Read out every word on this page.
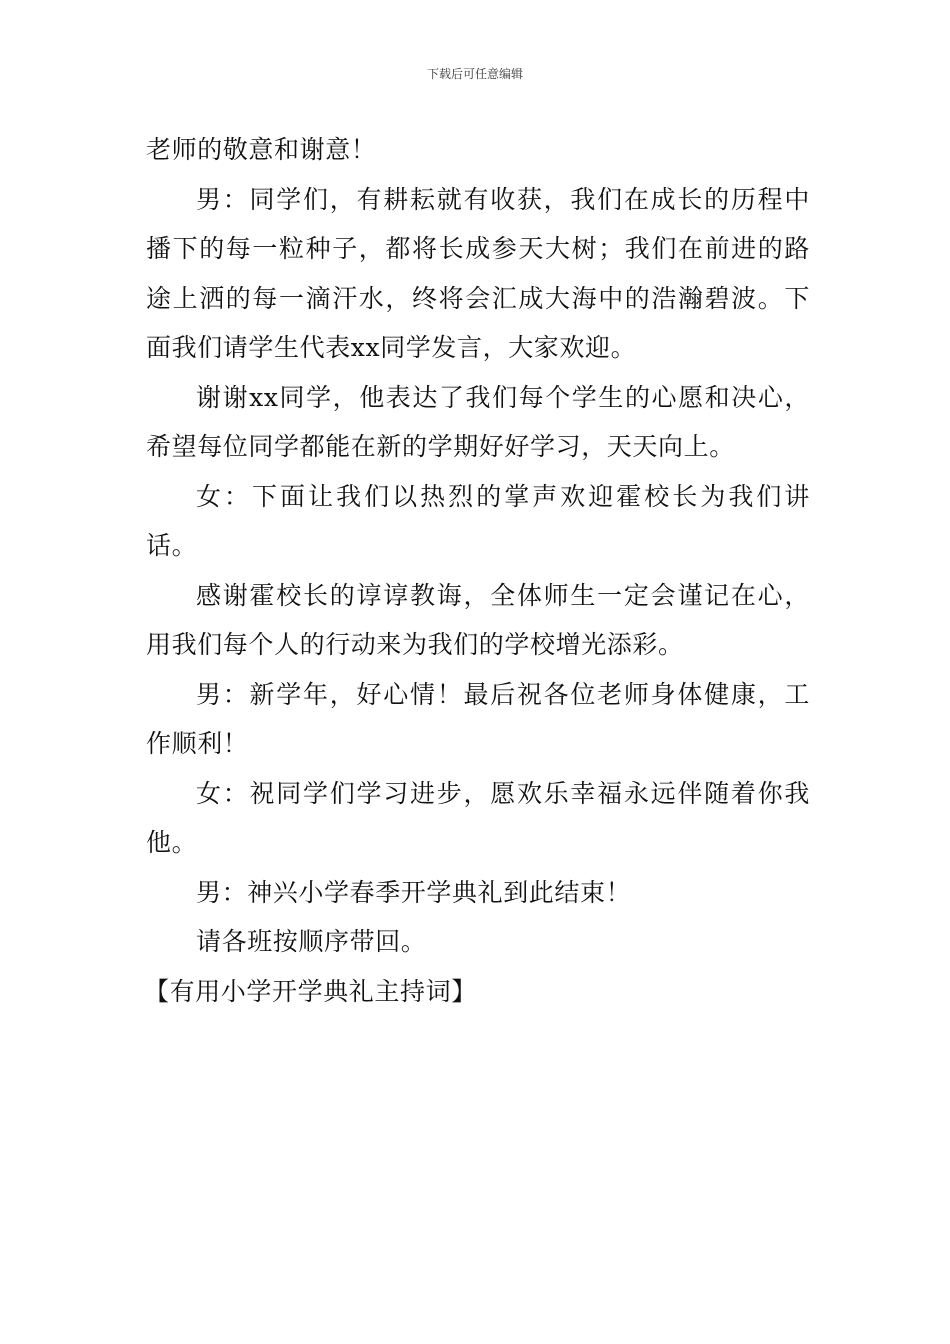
下载后可任意编辑

老师的敬意和谢意！

男：同学们，有耕耘就有收获，我们在成长的历程中播下的每一粒种子，都将长成参天大树；我们在前进的路途上洒的每一滴汗水，终将会汇成大海中的浩瀚碧波。下面我们请学生代表xx同学发言，大家欢迎。

谢谢xx同学，他表达了我们每个学生的心愿和决心，希望每位同学都能在新的学期好好学习，天天向上。

女：下面让我们以热烈的掌声欢迎霍校长为我们讲话。

感谢霍校长的谆谆教诲，全体师生一定会谨记在心，用我们每个人的行动来为我们的学校增光添彩。

男：新学年，好心情！最后祝各位老师身体健康，工作顺利！

女：祝同学们学习进步，愿欢乐幸福永远伴随着你我他。

男：神兴小学春季开学典礼到此结束！

请各班按顺序带回。

【有用小学开学典礼主持词】
